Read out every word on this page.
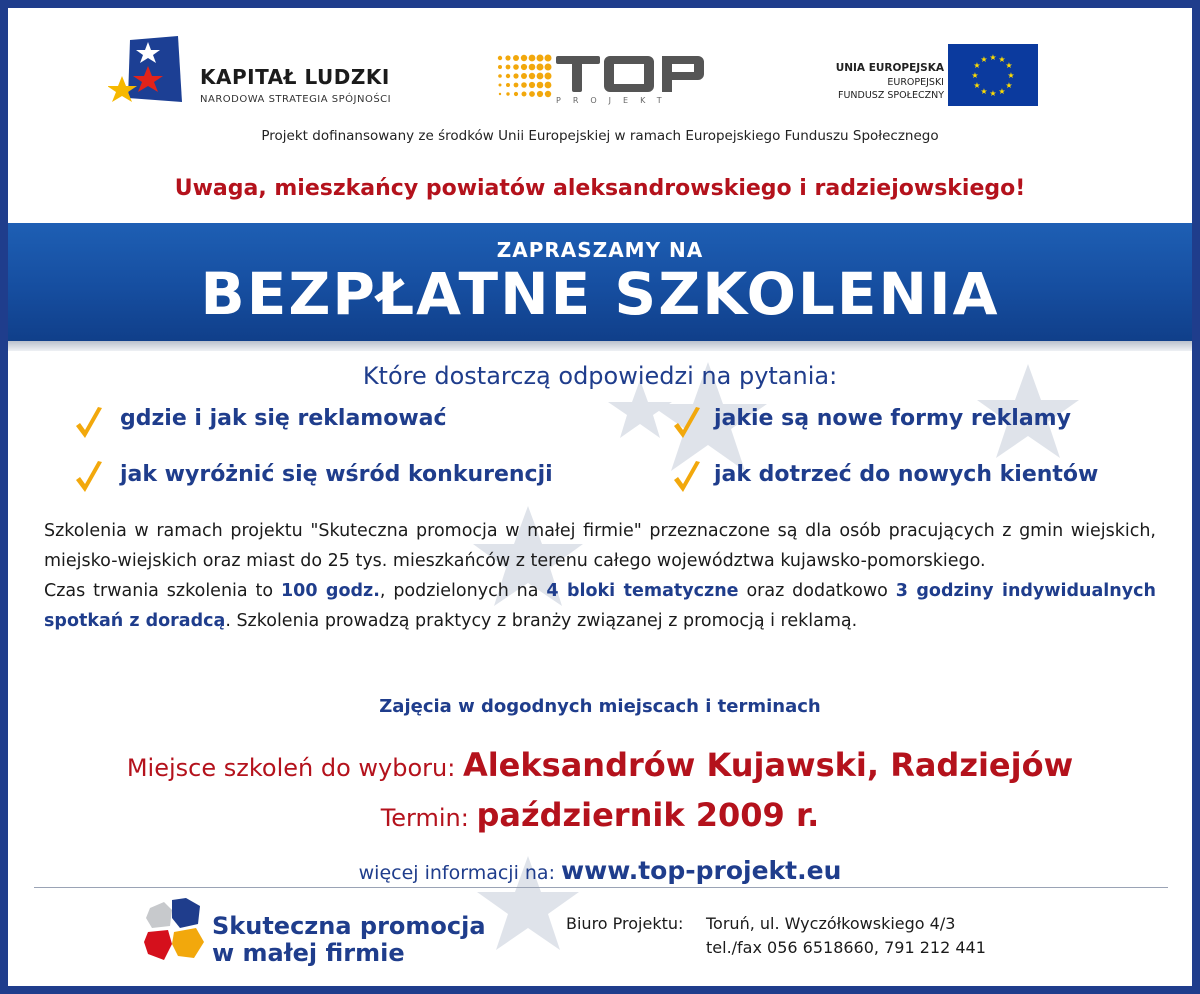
KAPITAŁ LUDZKI
NARODOWA STRATEGIA SPÓJNOŚCI	PROJEKT
UNIA EUROPEJSKA
EUROPEJSKI
FUNDUSZ SPOŁECZNY
★ ★
★
★
★
★
★
★
★
★
★
★
Projekt dofinansowany ze środków Unii Europejskiej w ramach Europejskiego Funduszu Społecznego
Uwaga, mieszkańcy powiatów aleksandrowskiego i radziejowskiego!
ZAPRASZAMY NA
BEZPŁATNE SZKOLENIA
Które dostarczą odpowiedzi na pytania:
gdzie i jak się reklamować	jakie są nowe formy reklamy
jak wyróżnić się wśród konkurencji	jak dotrzeć do nowych kientów

Szkolenia w ramach projektu "Skuteczna promocja w małej firmie" przeznaczone są dla osób pracujących z gmin wiejskich, miejsko-wiejskich oraz miast do 25 tys. mieszkańców z terenu całego województwa kujawsko-pomorskiego.

Czas trwania szkolenia to 100 godz., podzielonych na 4 bloki tematyczne oraz dodatkowo 3 godziny indywidualnych spotkań z doradcą. Szkolenia prowadzą praktycy z branży związanej z promocją i reklamą.

Zajęcia w dogodnych miejscach i terminach
Miejsce szkoleń do wyboru: Aleksandrów Kujawski, Radziejów
Termin: październik 2009 r.
więcej informacji na: www.top-projekt.eu
Skuteczna promocja
w małej firmie
Biuro Projektu: Toruń, ul. Wyczółkowskiego 4/3
tel./fax 056 6518660, 791 212 441
